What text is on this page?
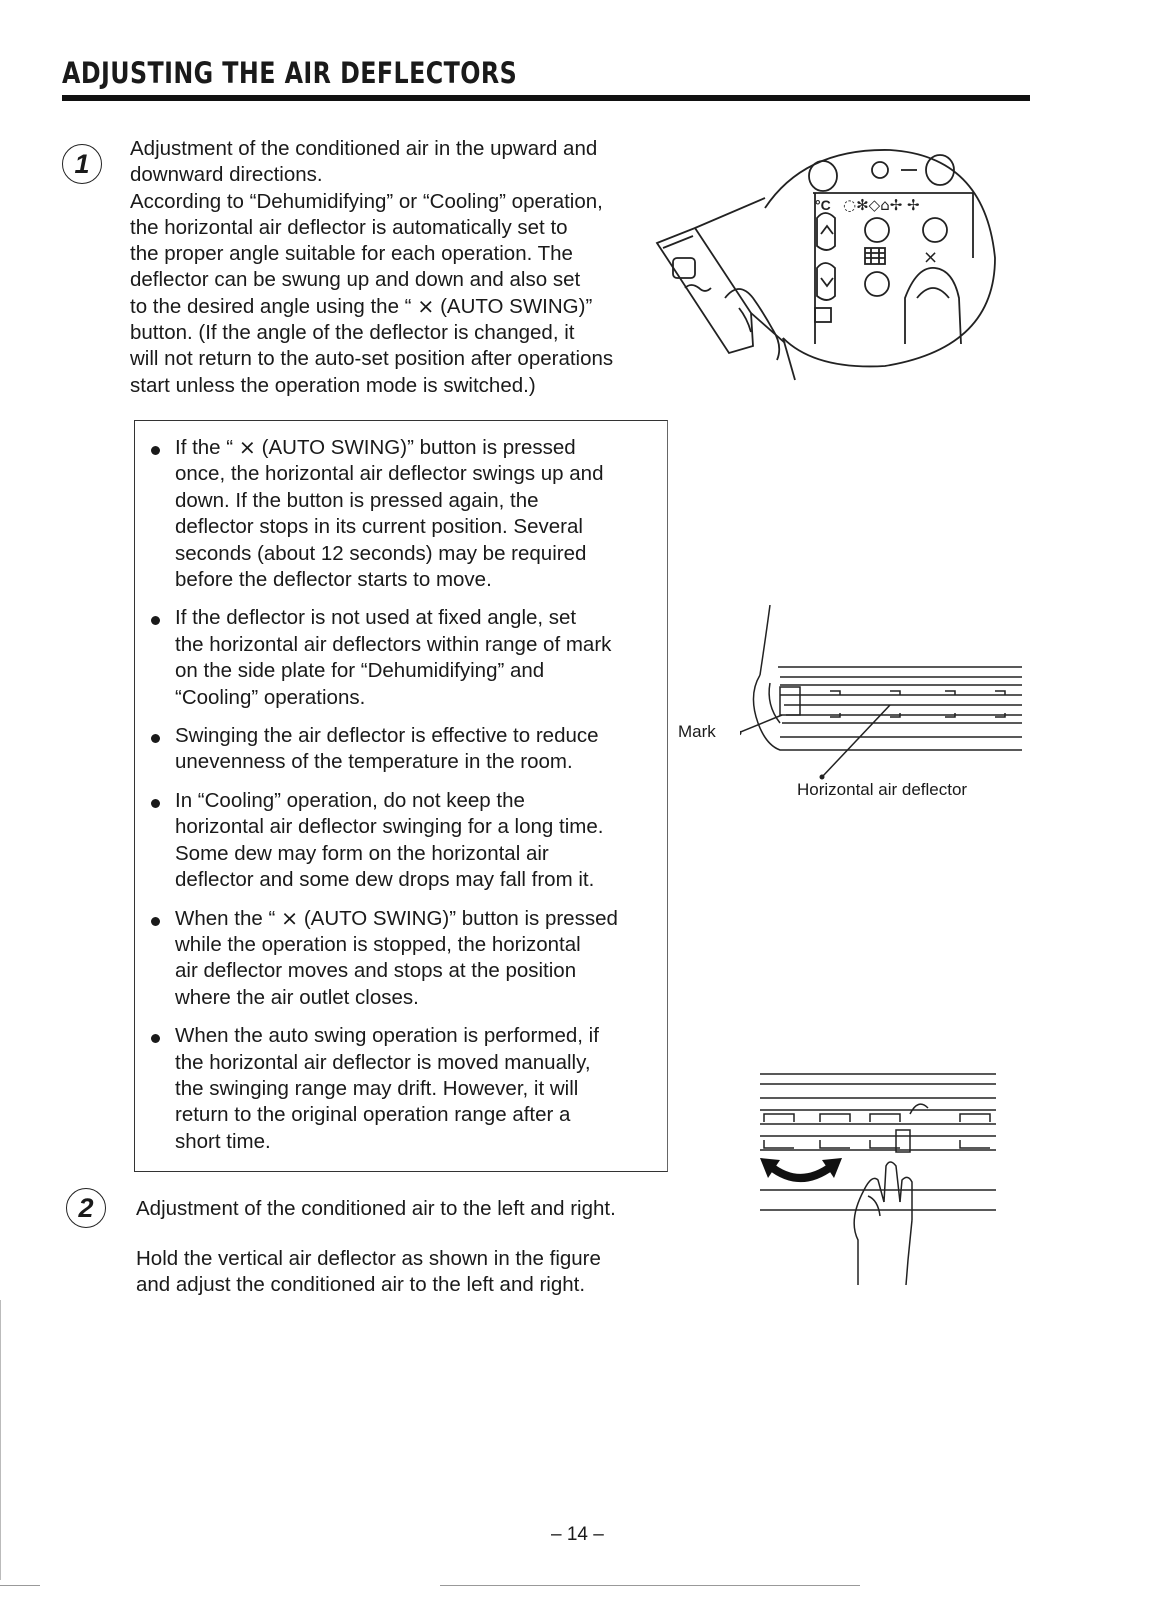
ADJUSTING THE AIR DEFLECTORS
1
Adjustment of the conditioned air in the upward and
downward directions.
According to “Dehumidifying” or “Cooling” operation,
the horizontal air deflector is automatically set to
the proper angle suitable for each operation. The
deflector can be swung up and down and also set
to the desired angle using the “ ⨯ (AUTO SWING)”
button. (If the angle of the deflector is changed, it
will not return to the auto-set position after operations
start unless the operation mode is switched.)
°C
⨯
◌✻◇⌂✢ ✢
If the “ ⨯ (AUTO SWING)” button is pressed
once, the horizontal air deflector swings up and
down. If the button is pressed again, the
deflector stops in its current position. Several
seconds (about 12 seconds) may be required
before the deflector starts to move.
If the deflector is not used at fixed angle, set
the horizontal air deflectors within range of mark
on the side plate for “Dehumidifying” and
“Cooling” operations.
Swinging the air deflector is effective to reduce
unevenness of the temperature in the room.
In “Cooling” operation, do not keep the
horizontal air deflector swinging for a long time.
Some dew may form on the horizontal air
deflector and some dew drops may fall from it.
When the “ ⨯ (AUTO SWING)” button is pressed
while the operation is stopped, the horizontal
air deflector moves and stops at the position
where the air outlet closes.
When the auto swing operation is performed, if
the horizontal air deflector is moved manually,
the swinging range may drift. However, it will
return to the original operation range after a
short time.
Mark
Horizontal air deflector
2	Adjustment of the conditioned air to the left and right.
Hold the vertical air deflector as shown in the figure
and adjust the conditioned air to the left and right.
– 14 –
